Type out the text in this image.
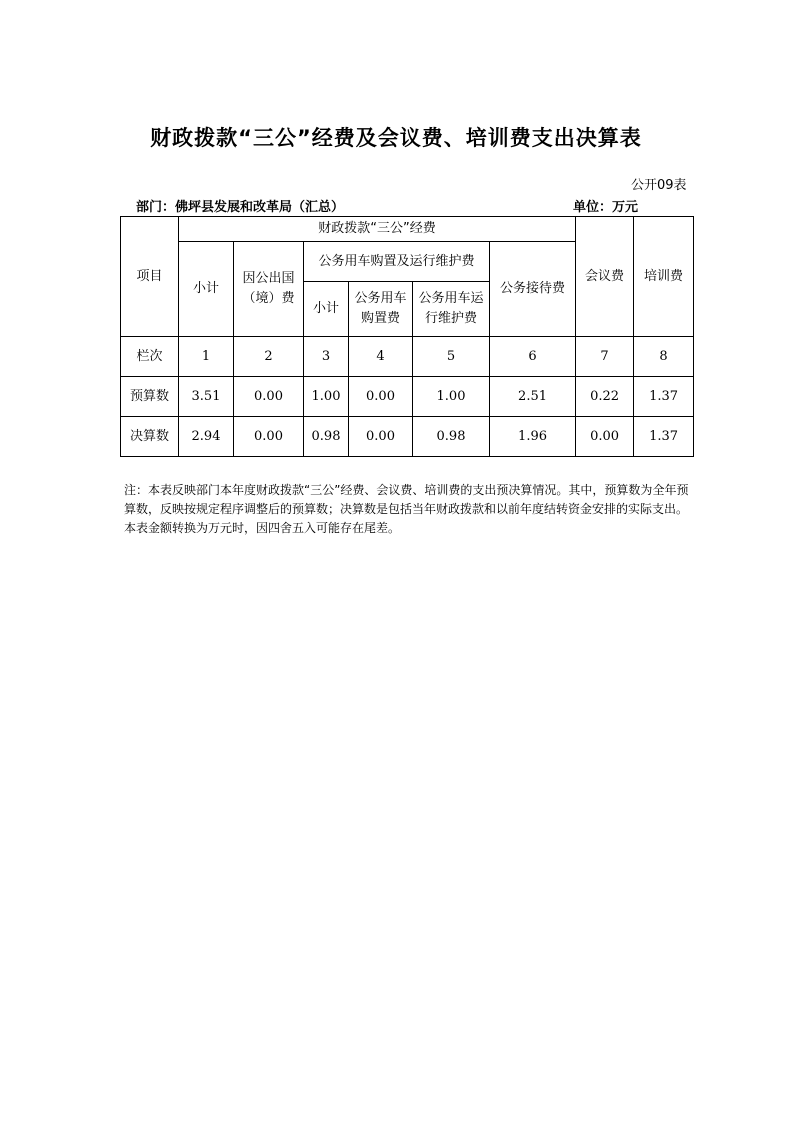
财政拨款“三公”经费及会议费、培训费支出决算表
公开09表
部门：佛坪县发展和改革局（汇总）	单位：万元
项目	财政拨款“三公”经费						会议费	培训费
	小计	因公出国（境）费	公务用车购置及运行维护费			公务接待费		
			小计	公务用车购置费	公务用车运行维护费			
栏次	1	2	3	4	5	6	7	8
预算数	3.51	0.00	1.00	0.00	1.00	2.51	0.22	1.37
决算数	2.94	0.00	0.98	0.00	0.98	1.96	0.00	1.37
注：本表反映部门本年度财政拨款“三公”经费、会议费、培训费的支出预决算情况。其中，预算数为全年预算数，反映按规定程序调整后的预算数；决算数是包括当年财政拨款和以前年度结转资金安排的实际支出。本表金额转换为万元时，因四舍五入可能存在尾差。
